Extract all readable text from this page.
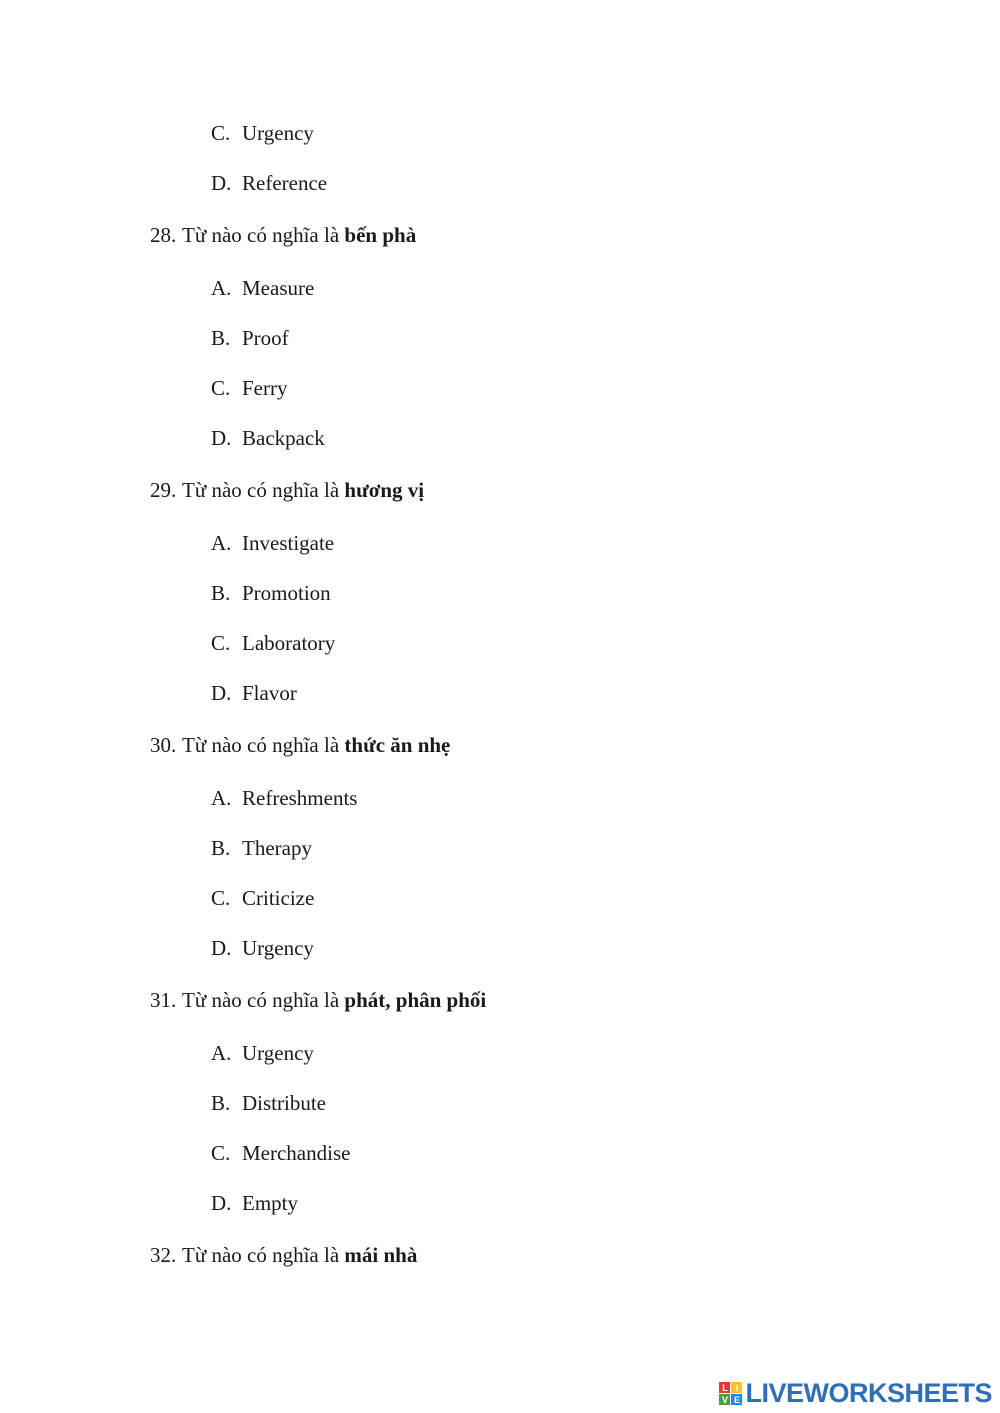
C. Urgency
D. Reference
28. Từ nào có nghĩa là bến phà
A. Measure
B. Proof
C. Ferry
D. Backpack
29. Từ nào có nghĩa là hương vị
A. Investigate
B. Promotion
C. Laboratory
D. Flavor
30. Từ nào có nghĩa là thức ăn nhẹ
A. Refreshments
B. Therapy
C. Criticize
D. Urgency
31. Từ nào có nghĩa là phát, phân phối
A. Urgency
B. Distribute
C. Merchandise
D. Empty
32. Từ nào có nghĩa là mái nhà
L I
V E LIVEWORKSHEETS
